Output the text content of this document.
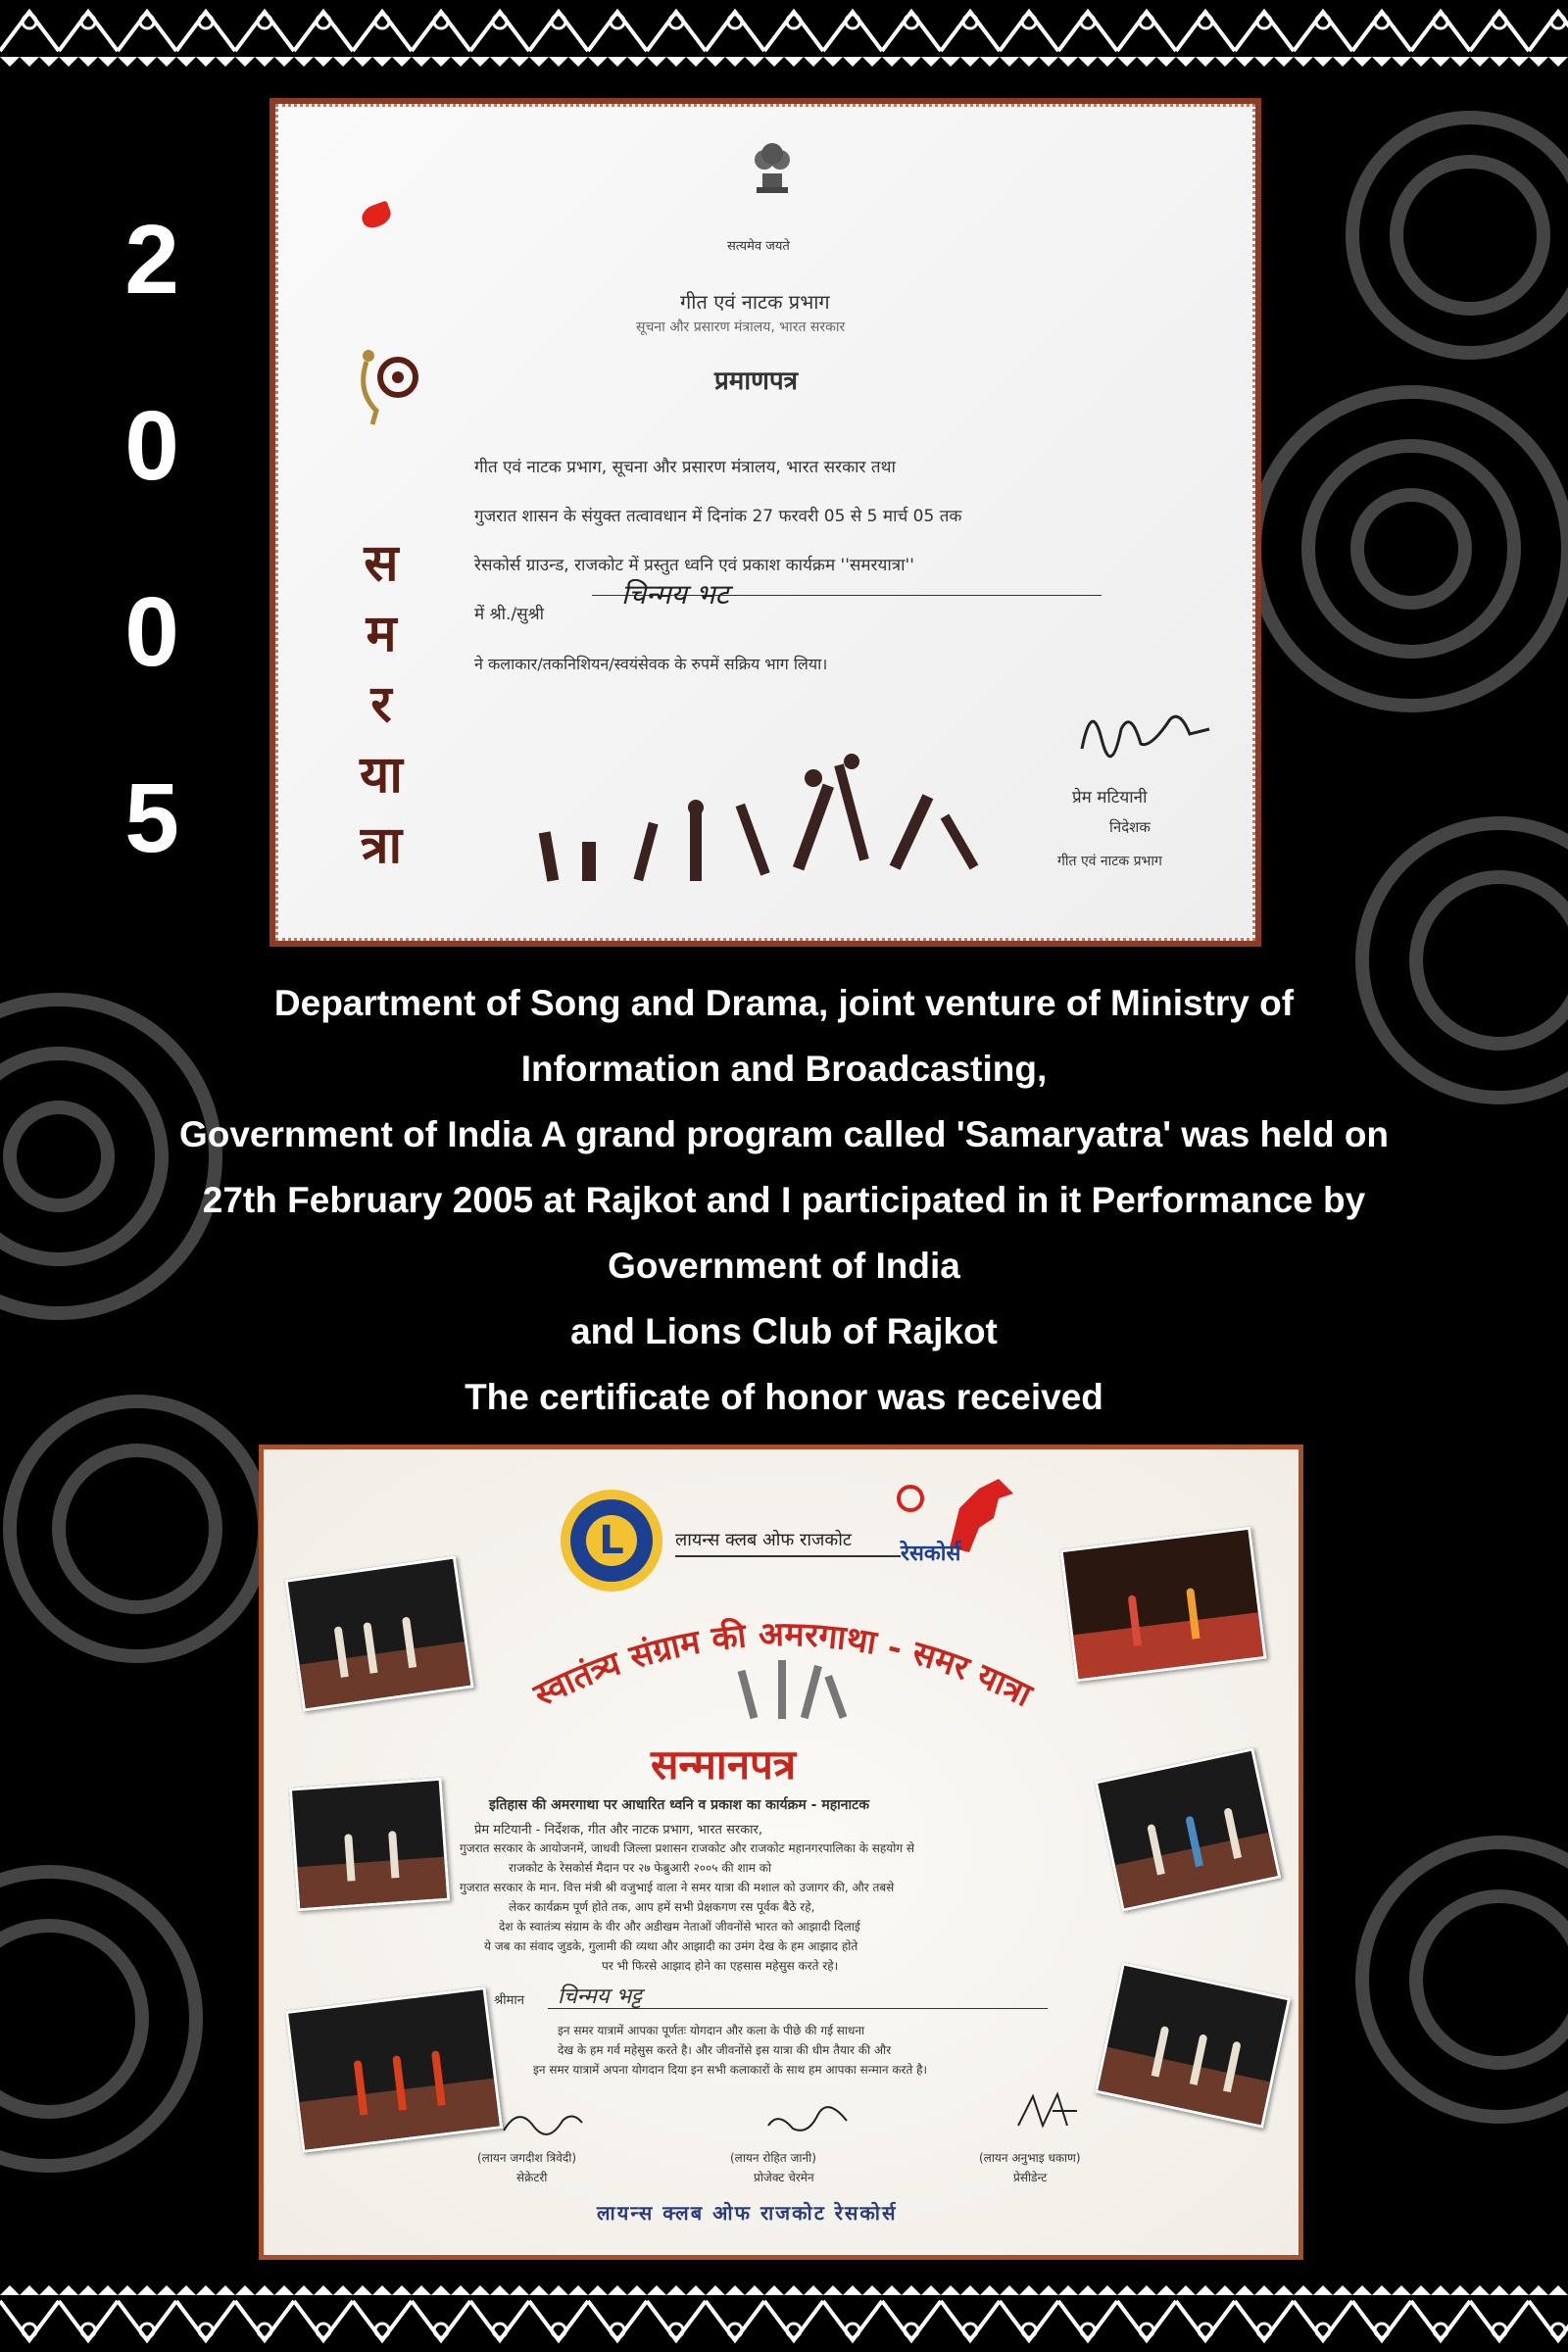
2
0
0
5
सत्यमेव जयते
गीत एवं नाटक प्रभाग
सूचना और प्रसारण मंत्रालय, भारत सरकार
प्रमाणपत्र
स
म
र
या
त्रा
गीत एवं नाटक प्रभाग, सूचना और प्रसारण मंत्रालय, भारत सरकार तथा
गुजरात शासन के संयुक्त तत्वावधान में दिनांक 27 फरवरी 05 से 5 मार्च 05 तक
रेसकोर्स ग्राउन्ड, राजकोट में प्रस्तुत ध्वनि एवं प्रकाश कार्यक्रम ''समरयात्रा''
में श्री./सुश्री
चिन्मय भट
ने कलाकार/तकनिशियन/स्वयंसेवक के रुपमें सक्रिय भाग लिया।
प्रेम मटियानी
निदेशक
गीत एवं नाटक प्रभाग
Department of Song and Drama, joint venture of Ministry of
Information and Broadcasting,
Government of India A grand program called 'Samaryatra' was held on
27th February 2005 at Rajkot and I participated in it Performance by
Government of India
and Lions Club of Rajkot
The certificate of honor was received
L	लायन्स क्लब ओफ राजकोट
रेसकोर्स
स्वातंत्र्य संग्राम की अमरगाथा - समर यात्रा
सन्मानपत्र
इतिहास की अमरगाथा पर आधारित ध्वनि व प्रकाश का कार्यक्रम - महानाटक
प्रेम मटियानी - निर्देशक, गीत और नाटक प्रभाग, भारत सरकार,
गुजरात सरकार के आयोजनमें, जाधवी जिल्ला प्रशासन राजकोट और राजकोट महानगरपालिका के सहयोग से
राजकोट के रेसकोर्स मैदान पर २७ फेब्रुआरी २००५ की शाम को
गुजरात सरकार के मान. वित्त मंत्री श्री वजुभाई वाला ने समर यात्रा की मशाल को उजागर की, और तबसे
लेकर कार्यक्रम पूर्ण होते तक, आप हमें सभी प्रेक्षकगण रस पूर्वक बैठे रहे,
देश के स्वातंत्र्य संग्राम के वीर और अडीखम नेताओं जीवनोंसे भारत को आझादी दिलाई
ये जब का संवाद जुडके, गुलामी की व्यथा और आझादी का उमंग देख के हम आझाद होते
पर भी फिरसे आझाद होने का एहसास महेसुस करते रहे।
श्रीमान चिन्मय भट्ट
इन समर यात्रामें आपका पूर्णतः योगदान और कला के पीछे की गई साधना
देख के हम गर्व महेसुस करते है। और जीवनोंसे इस यात्रा की धीम तैयार की और
इन समर यात्रामें अपना योगदान दिया इन सभी कलाकारों के साथ हम आपका सन्मान करते है।
(लायन जगदीश त्रिवेदी)
सेक्रेटरी
(लायन रोहित जानी)
प्रोजेक्ट चेरमेन
(लायन अनुभाइ धकाण)
प्रेसीडेन्ट
लायन्स क्लब ओफ राजकोट रेसकोर्स
